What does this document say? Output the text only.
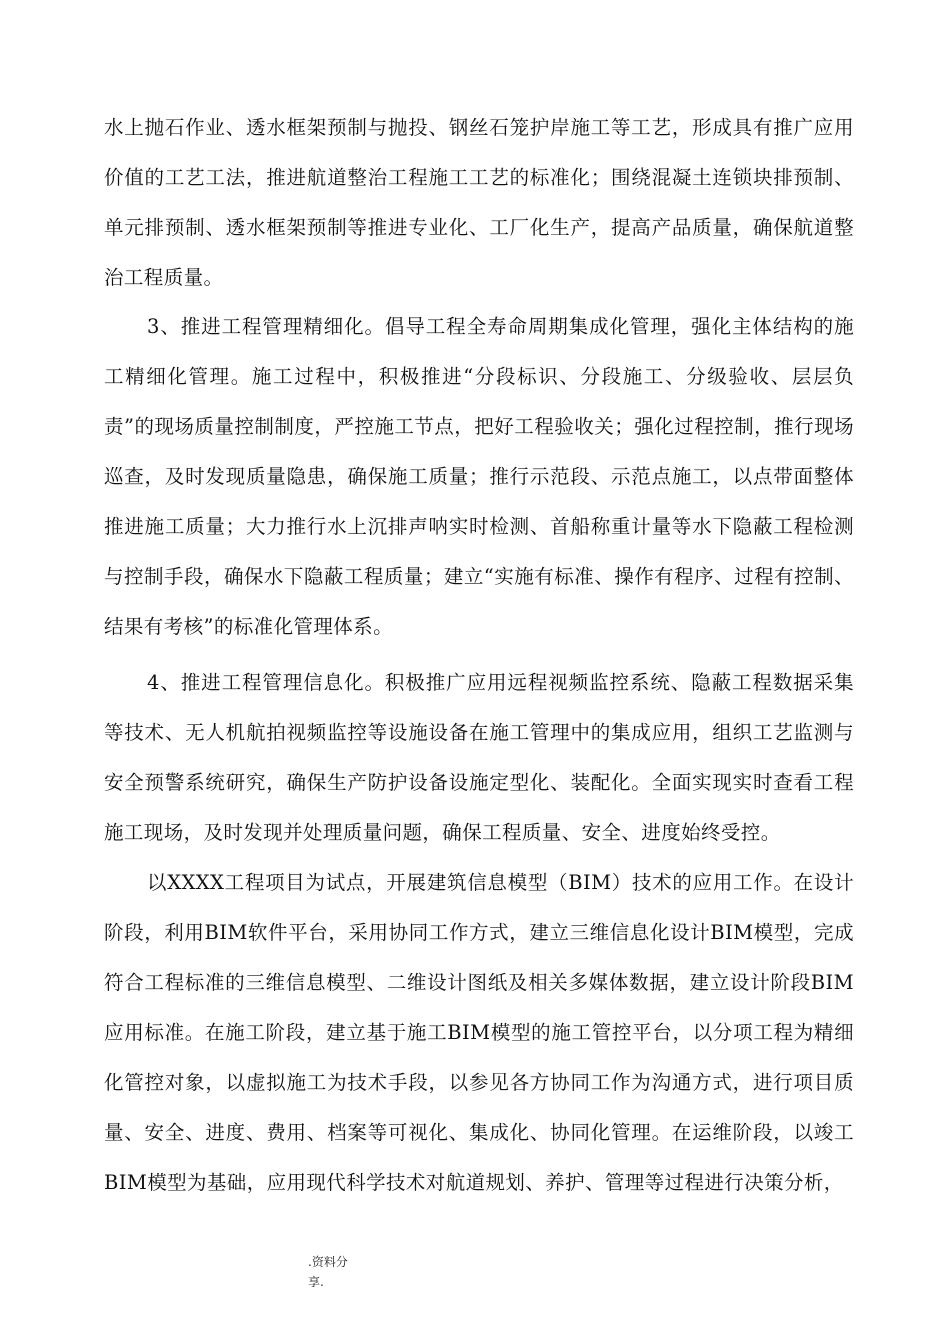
水上抛石作业、透水框架预制与抛投、钢丝石笼护岸施工等工艺，形成具有推广应用价值的工艺工法，推进航道整治工程施工工艺的标准化；围绕混凝土连锁块排预制、单元排预制、透水框架预制等推进专业化、工厂化生产，提高产品质量，确保航道整治工程质量。

3、推进工程管理精细化。倡导工程全寿命周期集成化管理，强化主体结构的施工精细化管理。施工过程中，积极推进“分段标识、分段施工、分级验收、层层负责”的现场质量控制制度，严控施工节点，把好工程验收关；强化过程控制，推行现场巡查，及时发现质量隐患，确保施工质量；推行示范段、示范点施工，以点带面整体推进施工质量；大力推行水上沉排声呐实时检测、首船称重计量等水下隐蔽工程检测与控制手段，确保水下隐蔽工程质量；建立“实施有标准、操作有程序、过程有控制、结果有考核”的标准化管理体系。

4、推进工程管理信息化。积极推广应用远程视频监控系统、隐蔽工程数据采集等技术、无人机航拍视频监控等设施设备在施工管理中的集成应用，组织工艺监测与安全预警系统研究，确保生产防护设备设施定型化、装配化。全面实现实时查看工程施工现场，及时发现并处理质量问题，确保工程质量、安全、进度始终受控。

以XXXX工程项目为试点，开展建筑信息模型（BIM）技术的应用工作。在设计阶段，利用BIM软件平台，采用协同工作方式，建立三维信息化设计BIM模型，完成符合工程标准的三维信息模型、二维设计图纸及相关多媒体数据，建立设计阶段BIM应用标准。在施工阶段，建立基于施工BIM模型的施工管控平台，以分项工程为精细化管控对象，以虚拟施工为技术手段，以参见各方协同工作为沟通方式，进行项目质量、安全、进度、费用、档案等可视化、集成化、协同化管理。在运维阶段，以竣工BIM模型为基础，应用现代科学技术对航道规划、养护、管理等过程进行决策分析，

.资料分享.
